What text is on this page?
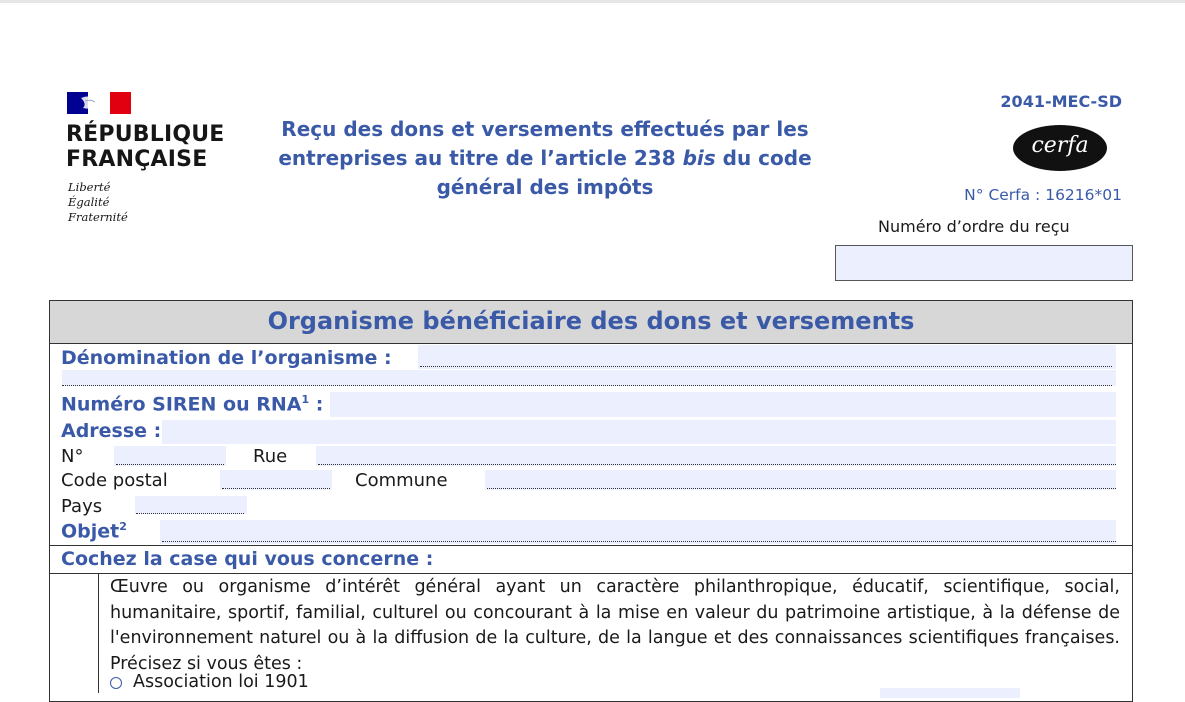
RÉPUBLIQUE
FRANÇAISE
Liberté
Égalité
Fraternité
Reçu des dons et versements effectués par les entreprises au titre de l’article 238 bis du code général des impôts
2041-MEC-SD
cerfa
N° Cerfa : 16216*01
Numéro d’ordre du reçu
Organisme bénéficiaire des dons et versements
Dénomination de l’organisme :
Numéro SIREN ou RNA$^1$ :
Adresse :
N°	Rue
Code postal	Commune
Pays
Objet$^2$
Cochez la case qui vous concerne :
Œuvre ou organisme d’intérêt général ayant un caractère philanthropique, éducatif, scientifique, social, humanitaire, sportif, familial, culturel ou concourant à la mise en valeur du patrimoine artistique, à la défense de l'environnement naturel ou à la diffusion de la culture, de la langue et des connaissances scientifiques françaises. Précisez si vous êtes :
Association loi 1901
